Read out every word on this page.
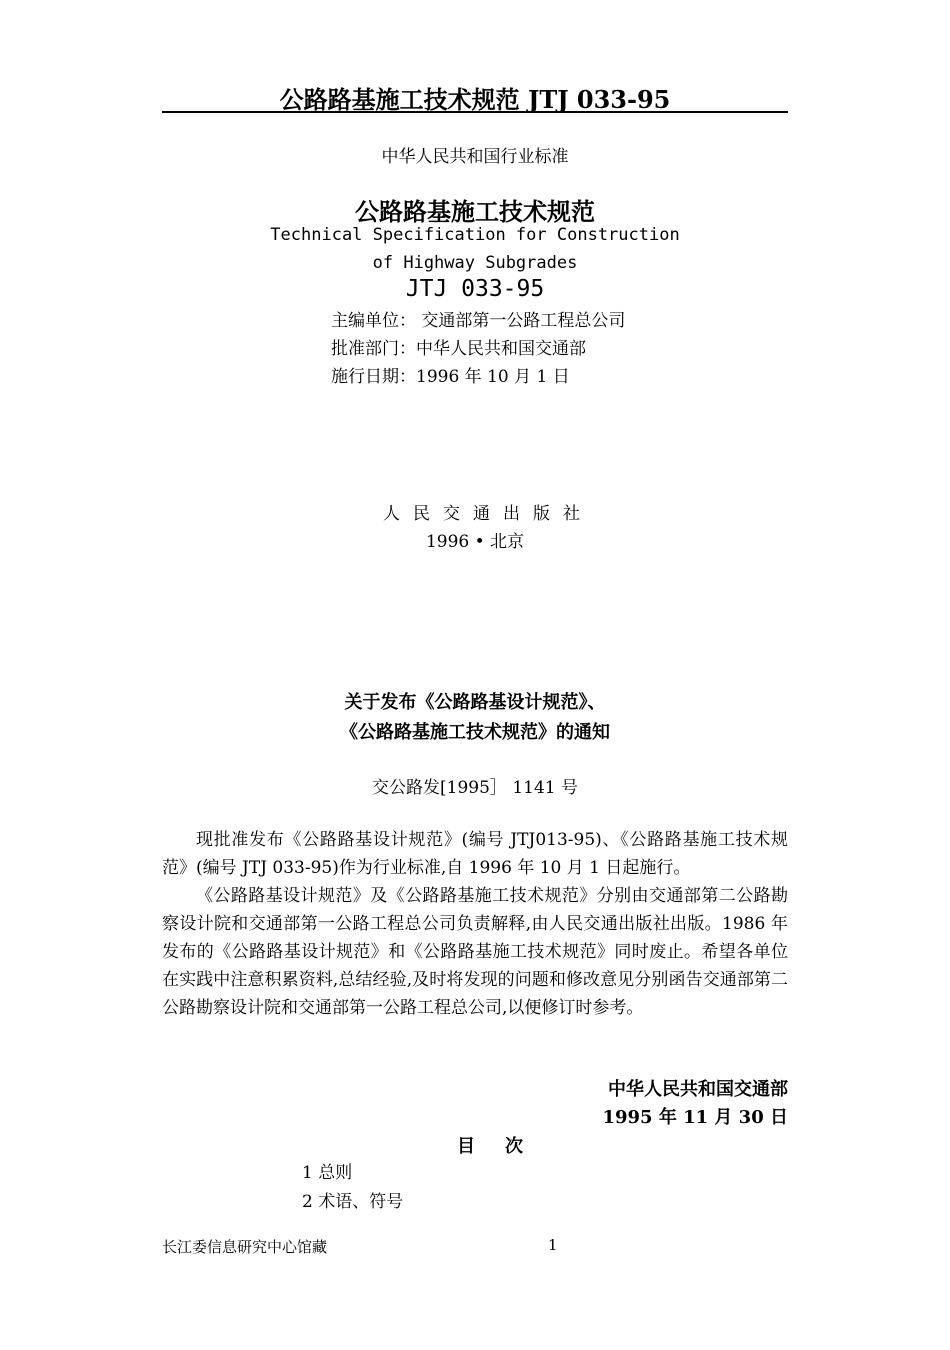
公路路基施工技术规范 JTJ 033-95
中华人民共和国行业标准
公路路基施工技术规范
Technical Specification for Construction
of Highway Subgrades
JTJ 033-95
主编单位： 交通部第一公路工程总公司
批准部门：中华人民共和国交通部
施行日期：1996 年 10 月 1 日
人民交通出版社
1996 • 北京
关于发布《公路路基设计规范》、
《公路路基施工技术规范》的通知
交公路发[1995］ 1141 号

现批准发布《公路路基设计规范》(编号 JTJ013-95)、《公路路基施工技术规范》(编号 JTJ 033-95)作为行业标准,自 1996 年 10 月 1 日起施行。

《公路路基设计规范》及《公路路基施工技术规范》分别由交通部第二公路勘察设计院和交通部第一公路工程总公司负责解释,由人民交通出版社出版。1986 年发布的《公路路基设计规范》和《公路路基施工技术规范》同时废止。希望各单位在实践中注意积累资料,总结经验,及时将发现的问题和修改意见分别函告交通部第二公路勘察设计院和交通部第一公路工程总公司,以便修订时参考。

中华人民共和国交通部
1995 年 11 月 30 日
目次
1 总则
2 术语、符号
长江委信息研究中心馆藏	1
